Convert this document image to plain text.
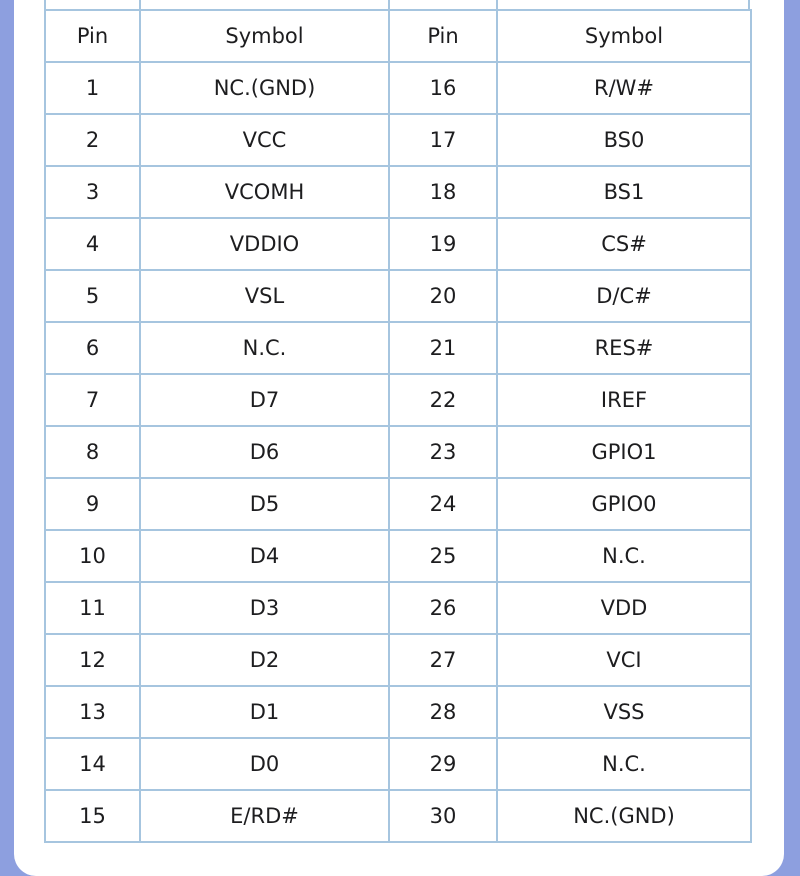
Pin	Symbol	Pin	Symbol
1	NC.(GND)	16	R/W#
2	VCC	17	BS0
3	VCOMH	18	BS1
4	VDDIO	19	CS#
5	VSL	20	D/C#
6	N.C.	21	RES#
7	D7	22	IREF
8	D6	23	GPIO1
9	D5	24	GPIO0
10	D4	25	N.C.
11	D3	26	VDD
12	D2	27	VCI
13	D1	28	VSS
14	D0	29	N.C.
15	E/RD#	30	NC.(GND)
